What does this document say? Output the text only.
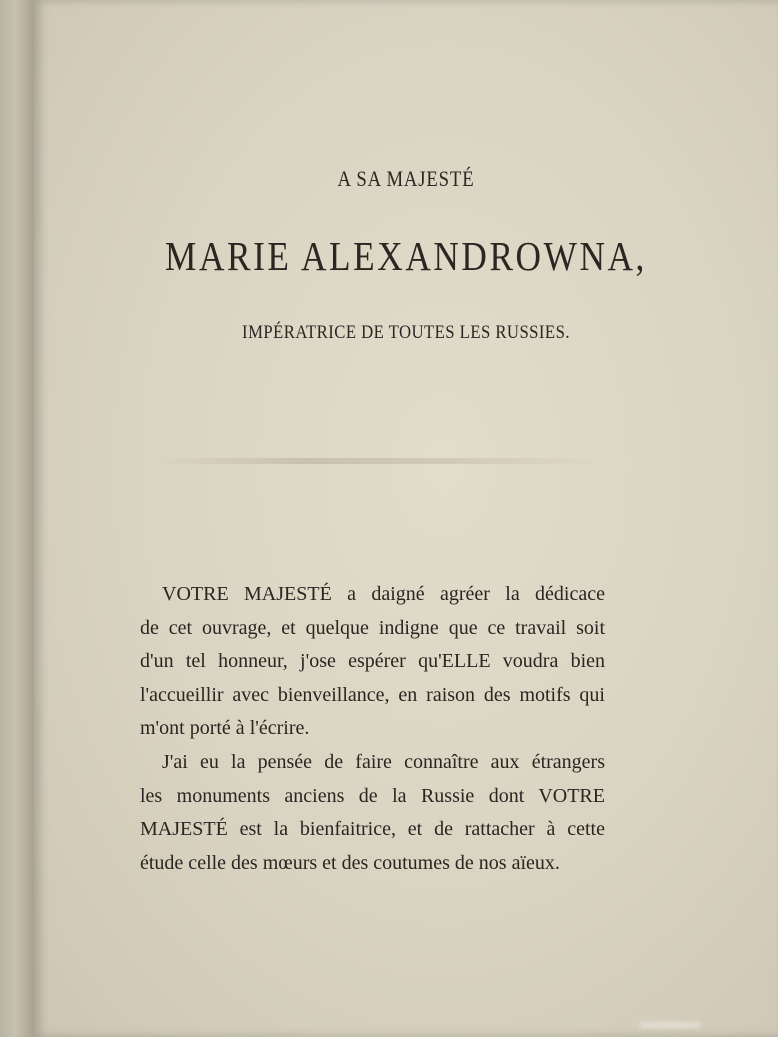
A SA MAJESTÉ

MARIE ALEXANDROWNA,

IMPÉRATRICE DE TOUTES LES RUSSIES.

VOTRE MAJESTÉ a daigné agréer la dédicace
de cet ouvrage, et quelque indigne que ce travail soit
d'un tel honneur, j'ose espérer qu'ELLE voudra bien
l'accueillir avec bienveillance, en raison des motifs qui
m'ont porté à l'écrire.
J'ai eu la pensée de faire connaître aux étrangers
les monuments anciens de la Russie dont VOTRE
MAJESTÉ est la bienfaitrice, et de rattacher à cette
étude celle des mœurs et des coutumes de nos aïeux.
